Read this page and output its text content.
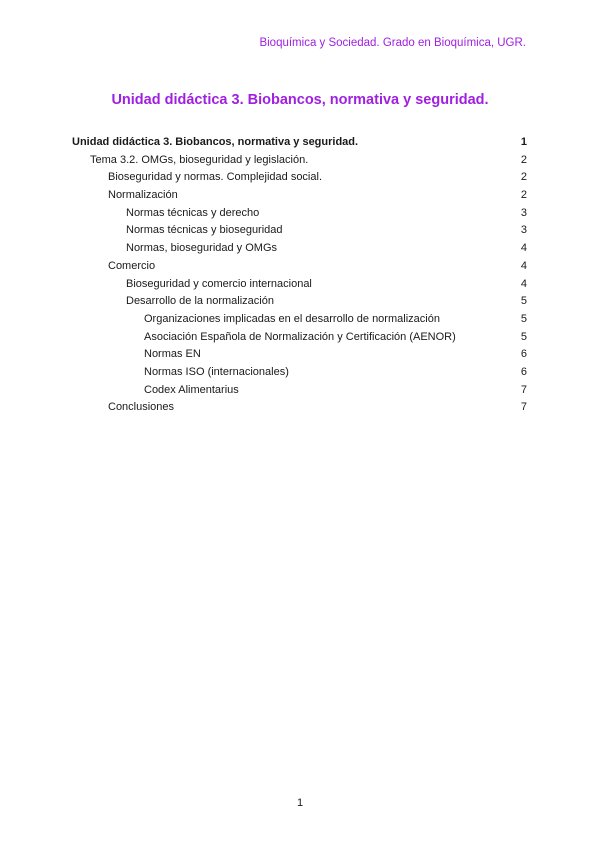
Bioquímica y Sociedad. Grado en Bioquímica, UGR.
Unidad didáctica 3. Biobancos, normativa y seguridad.
Unidad didáctica 3. Biobancos, normativa y seguridad.	1
Tema 3.2. OMGs, bioseguridad y legislación.	2
Bioseguridad y normas. Complejidad social.	2
Normalización	2
Normas técnicas y derecho	3
Normas técnicas y bioseguridad	3
Normas, bioseguridad y OMGs	4
Comercio	4
Bioseguridad y comercio internacional	4
Desarrollo de la normalización	5
Organizaciones implicadas en el desarrollo de normalización	5
Asociación Española de Normalización y Certificación (AENOR)	5
Normas EN	6
Normas ISO (internacionales)	6
Codex Alimentarius	7
Conclusiones	7
1
